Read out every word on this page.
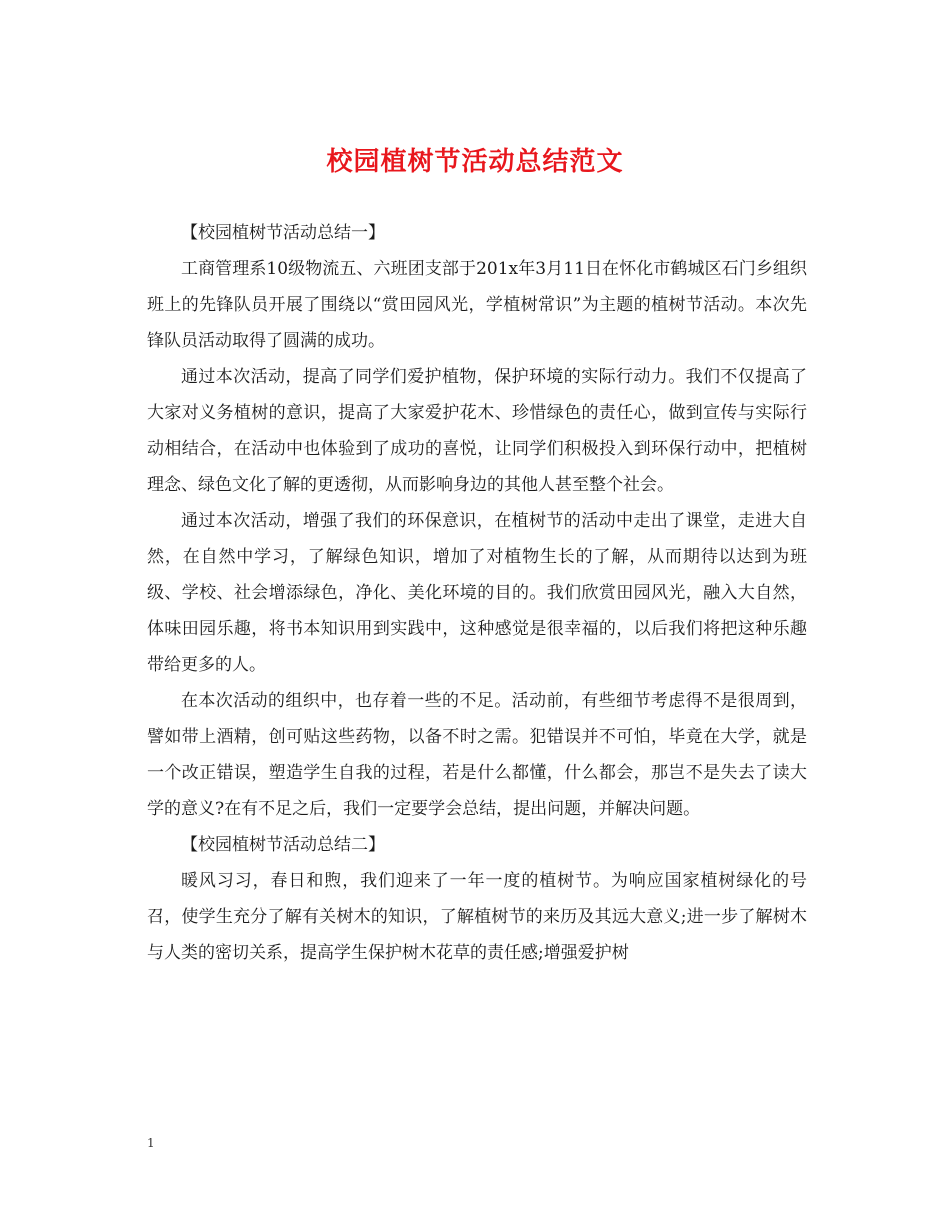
校园植树节活动总结范文

【校园植树节活动总结一】

工商管理系10级物流五、六班团支部于201x年3月11日在怀化市鹤城区石门乡组织班上的先锋队员开展了围绕以“赏田园风光，学植树常识”为主题的植树节活动。本次先锋队员活动取得了圆满的成功。

通过本次活动，提高了同学们爱护植物，保护环境的实际行动力。我们不仅提高了大家对义务植树的意识，提高了大家爱护花木、珍惜绿色的责任心，做到宣传与实际行动相结合，在活动中也体验到了成功的喜悦，让同学们积极投入到环保行动中，把植树理念、绿色文化了解的更透彻，从而影响身边的其他人甚至整个社会。

通过本次活动，增强了我们的环保意识，在植树节的活动中走出了课堂，走进大自然，在自然中学习，了解绿色知识，增加了对植物生长的了解，从而期待以达到为班级、学校、社会增添绿色，净化、美化环境的目的。我们欣赏田园风光，融入大自然，体味田园乐趣，将书本知识用到实践中，这种感觉是很幸福的，以后我们将把这种乐趣带给更多的人。

在本次活动的组织中，也存着一些的不足。活动前，有些细节考虑得不是很周到，譬如带上酒精，创可贴这些药物，以备不时之需。犯错误并不可怕，毕竟在大学，就是一个改正错误，塑造学生自我的过程，若是什么都懂，什么都会，那岂不是失去了读大学的意义?在有不足之后，我们一定要学会总结，提出问题，并解决问题。

【校园植树节活动总结二】

暖风习习，春日和煦，我们迎来了一年一度的植树节。为响应国家植树绿化的号召，使学生充分了解有关树木的知识，了解植树节的来历及其远大意义;进一步了解树木与人类的密切关系，提高学生保护树木花草的责任感;增强爱护树

1
